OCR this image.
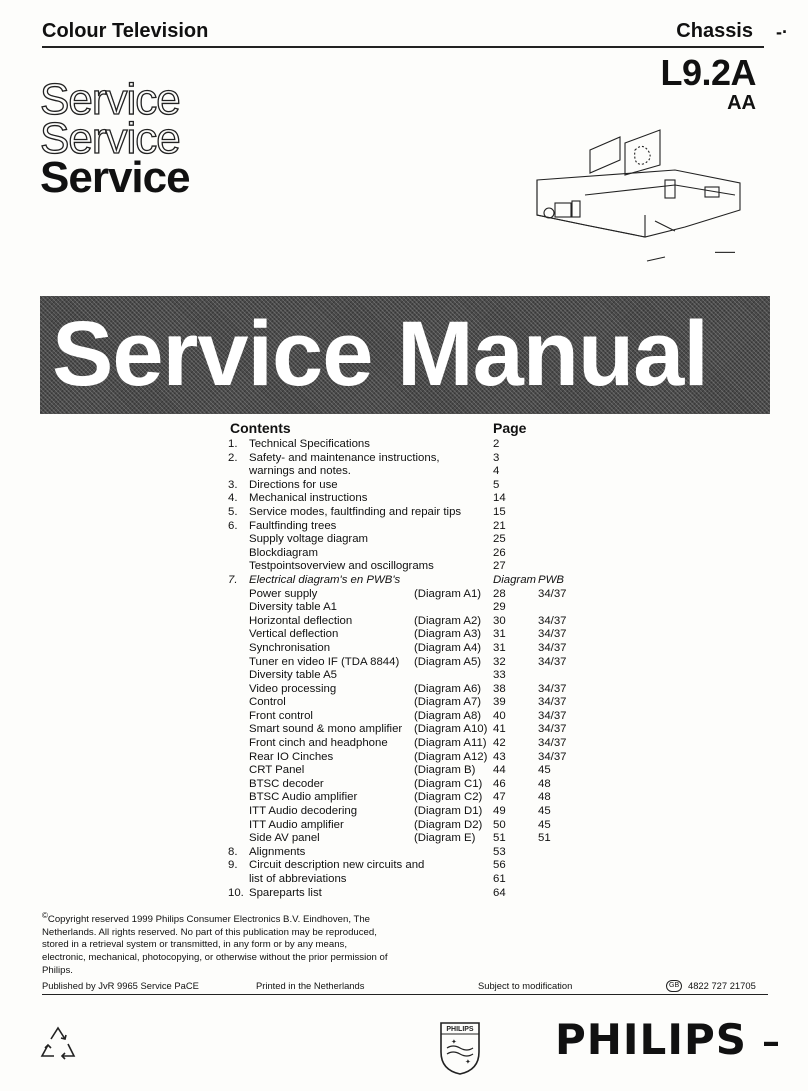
Colour Television	Chassis -·
L9.2A
AA
Service
Service
Service
▬▬▬▬▬
Service Manual
Contents	Page
1. Technical Specifications	2
2. Safety- and maintenance instructions,	3
warnings and notes.	4
3. Directions for use	5
4. Mechanical instructions	14
5. Service modes, faultfinding and repair tips	15
6. Faultfinding trees	21
Supply voltage diagram	25
Blockdiagram	26
Testpointsoverview and oscillograms	27
7. Electrical diagram's en PWB's	Diagram PWB
Power supply	(Diagram A1) 28	34/37
Diversity table A1	29
Horizontal deflection	(Diagram A2) 30	34/37
Vertical deflection	(Diagram A3) 31	34/37
Synchronisation	(Diagram A4) 31	34/37
Tuner en video IF (TDA 8844) (Diagram A5) 32	34/37
Diversity table A5	33
Video processing	(Diagram A6) 38	34/37
Control	(Diagram A7) 39	34/37
Front control	(Diagram A8) 40	34/37
Smart sound & mono amplifier (Diagram A10) 41	34/37
Front cinch and headphone (Diagram A11) 42	34/37
Rear IO Cinches	(Diagram A12) 43	34/37
CRT Panel	(Diagram B) 44	45
BTSC decoder	(Diagram C1) 46	48
BTSC Audio amplifier	(Diagram C2) 47	48
ITT Audio decodering	(Diagram D1) 49	45
ITT Audio amplifier	(Diagram D2) 50	45
Side AV panel	(Diagram E) 51	51
8. Alignments	53
9. Circuit description new circuits and	56
list of abbreviations	61
10. Spareparts list	64
©Copyright reserved 1999 Philips Consumer Electronics B.V. Eindhoven, The
Netherlands. All rights reserved. No part of this publication may be reproduced,
stored in a retrieval system or transmitted, in any form or by any means,
electronic, mechanical, photocopying, or otherwise without the prior permission of
Philips.
Published by JvR 9965 Service PaCE	Printed in the Netherlands	Subject to modification	GB 4822 727 21705
PHILIPS
✦
✦ PHILIPS ▬
